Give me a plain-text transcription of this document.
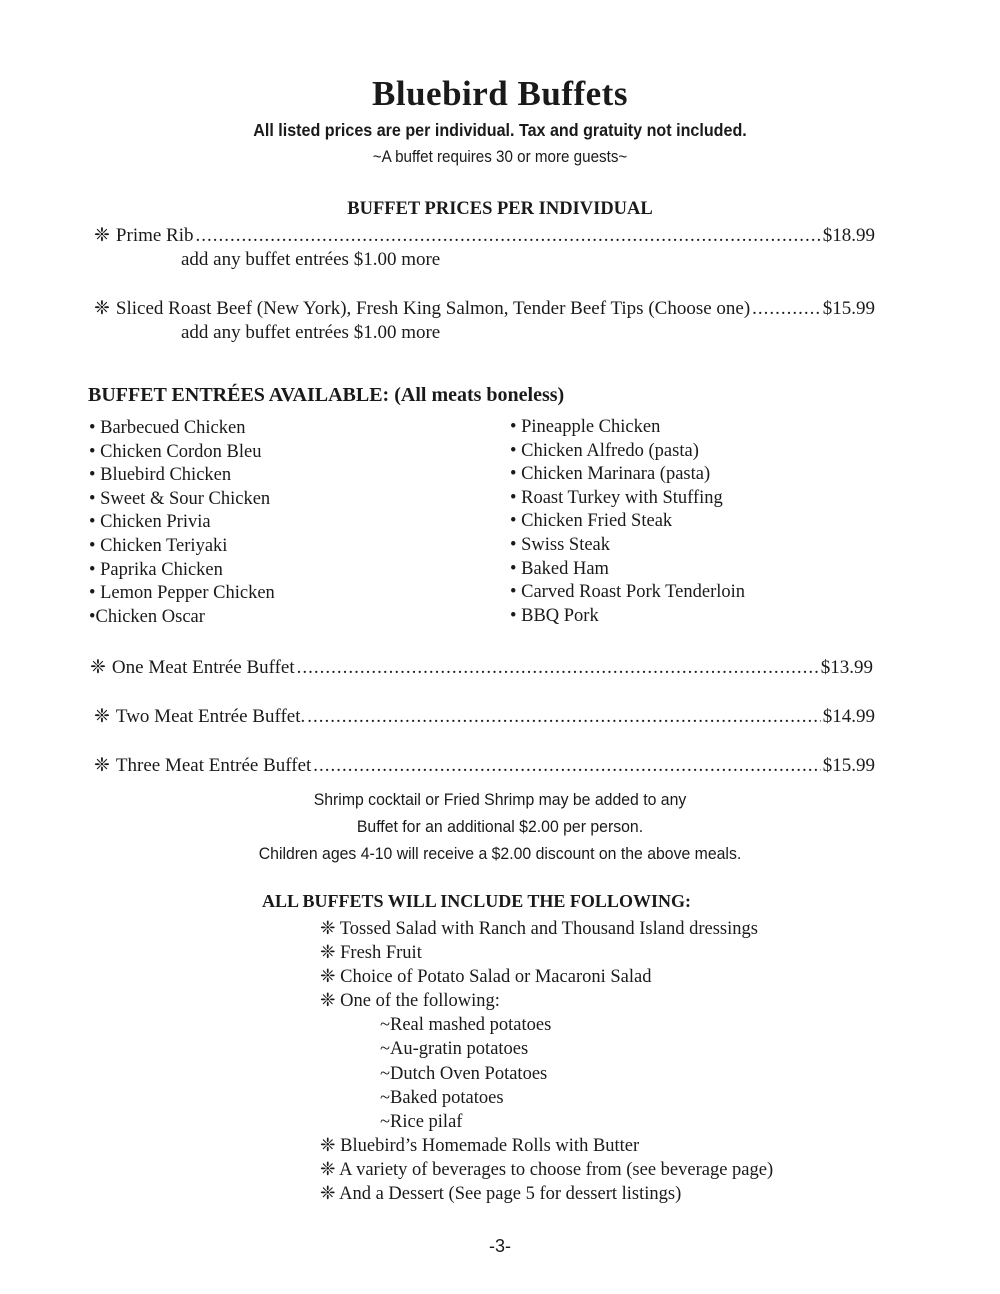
Bluebird Buffets
All listed prices are per individual. Tax and gratuity not included.
~A buffet requires 30 or more guests~
BUFFET PRICES PER INDIVIDUAL
❈ Prime Rib .....	$18.99
add any buffet entrées $1.00 more
❈ Sliced Roast Beef (New York), Fresh King Salmon, Tender Beef Tips (Choose one) .....	$15.99
add any buffet entrées $1.00 more
BUFFET ENTRÉES AVAILABLE: (All meats boneless)
• Barbecued Chicken
• Chicken Cordon Bleu
• Bluebird Chicken
• Sweet & Sour Chicken
• Chicken Privia
• Chicken Teriyaki
• Paprika Chicken
• Lemon Pepper Chicken
•Chicken Oscar
• Pineapple Chicken
• Chicken Alfredo (pasta)
• Chicken Marinara (pasta)
• Roast Turkey with Stuffing
• Chicken Fried Steak
• Swiss Steak
• Baked Ham
• Carved Roast Pork Tenderloin
• BBQ Pork
❈ One Meat Entrée Buffet .....	$13.99
❈ Two Meat Entrée Buffet. .....	$14.99
❈ Three Meat Entrée Buffet .....	$15.99
Shrimp cocktail or Fried Shrimp may be added to any
Buffet for an additional $2.00 per person.
Children ages 4-10 will receive a $2.00 discount on the above meals.
ALL BUFFETS WILL INCLUDE THE FOLLOWING:
❈ Tossed Salad with Ranch and Thousand Island dressings
❈ Fresh Fruit
❈ Choice of Potato Salad or Macaroni Salad
❈ One of the following:
~Real mashed potatoes
~Au-gratin potatoes
~Dutch Oven Potatoes
~Baked potatoes
~Rice pilaf
❈ Bluebird’s Homemade Rolls with Butter
❈ A variety of beverages to choose from (see beverage page)
❈ And a Dessert (See page 5 for dessert listings)
-3-
